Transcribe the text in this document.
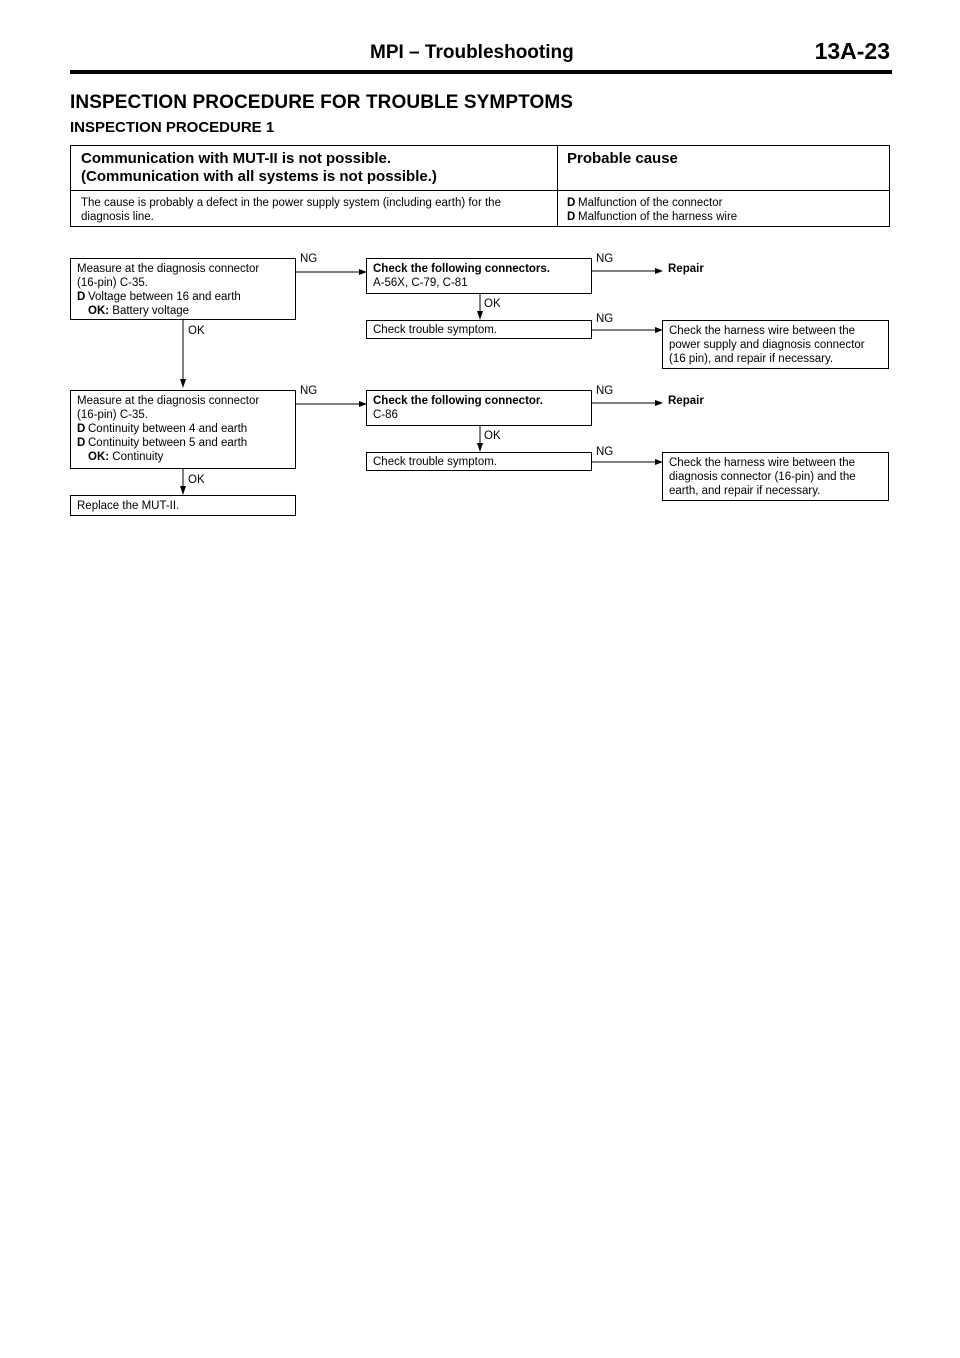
MPI – Troubleshooting	13A-23
INSPECTION PROCEDURE FOR TROUBLE SYMPTOMS
INSPECTION PROCEDURE 1
Communication with MUT-II is not possible.
(Communication with all systems is not possible.)
Probable cause
The cause is probably a defect in the power supply system (including earth) for the diagnosis line.
D Malfunction of the connector
D Malfunction of the harness wire
Measure at the diagnosis connector
(16-pin) C-35.
D Voltage between 16 and earth
OK: Battery voltage
NG
Check the following connectors.
A-56X, C-79, C-81
NG
Repair
OK
Check trouble symptom.
NG
Check the harness wire between the
power supply and diagnosis connector
(16 pin), and repair if necessary.
OK
Measure at the diagnosis connector
(16-pin) C-35.
D Continuity between 4 and earth
D Continuity between 5 and earth
OK: Continuity
NG
Check the following connector.
C-86
NG
Repair
OK
Check trouble symptom.
NG
Check the harness wire between the
diagnosis connector (16-pin) and the
earth, and repair if necessary.
OK
Replace the MUT-II.
